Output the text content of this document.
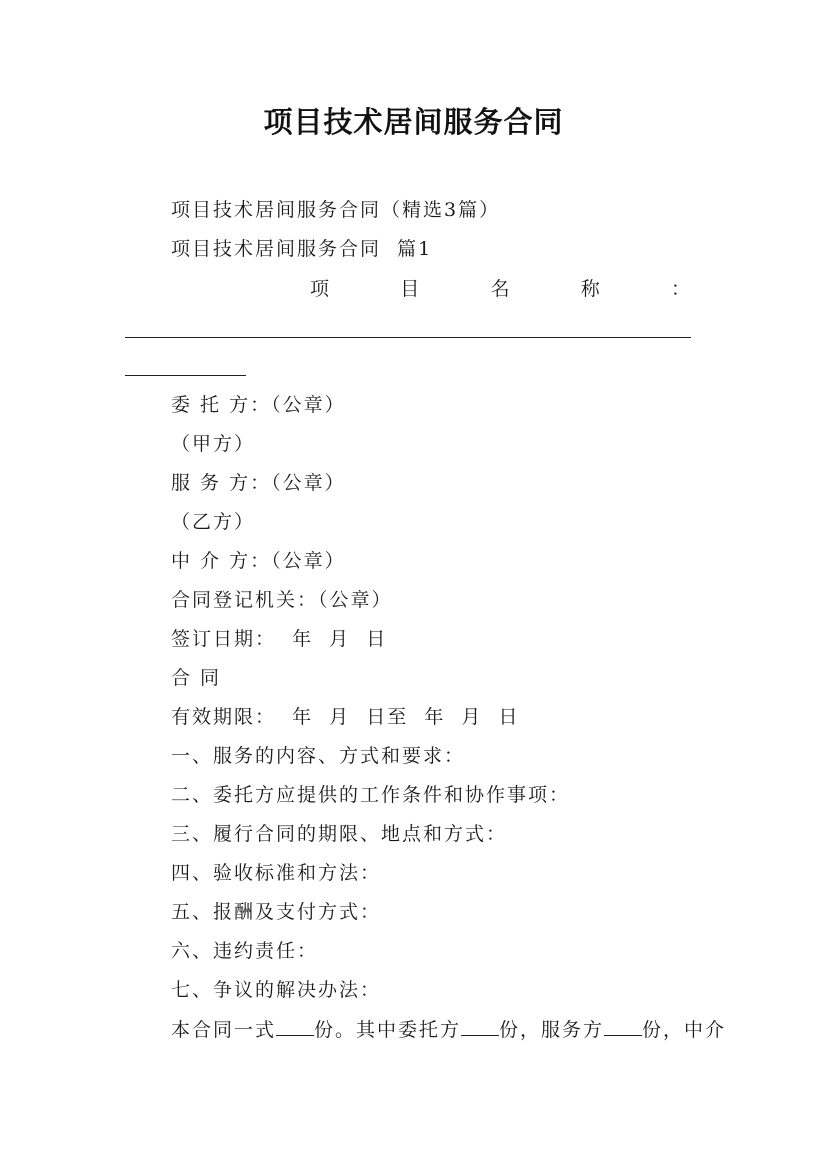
项目技术居间服务合同
项目技术居间服务合同（精选3篇）
项目技术居间服务合同  篇1
项	目	名	称	：
委 托 方：（公章）
（甲方）
服 务 方：（公章）
（乙方）
中 介 方：（公章）
合同登记机关：（公章）
签订日期：  年  月  日
合 同
有效期限：  年  月  日至  年  月  日
一、服务的内容、方式和要求：
二、委托方应提供的工作条件和协作事项：
三、履行合同的期限、地点和方式：
四、验收标准和方法：
五、报酬及支付方式：
六、违约责任：
七、争议的解决办法：
本合同一式 份。其中委托方 份，服务方 份，中介
